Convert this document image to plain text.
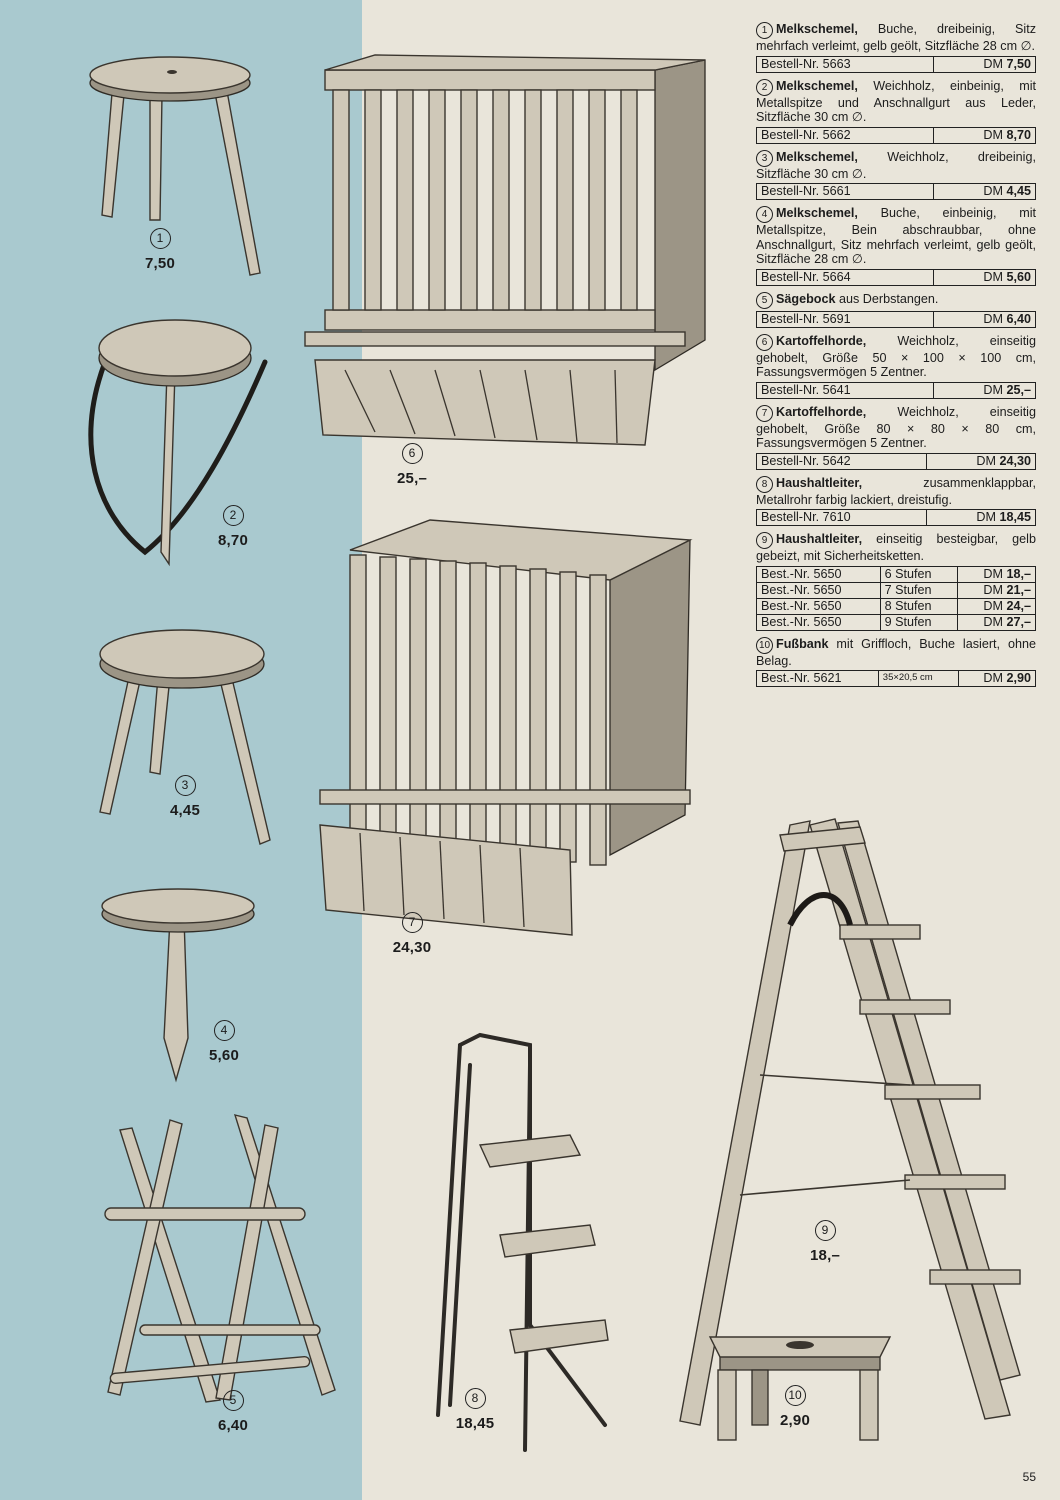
1
7,50
2
8,70
3
4,45
4
5,60
5
6,40
6
25,–
7
24,30
8
18,45
9
18,–
10
2,90
1 Melkschemel, Buche, dreibeinig, Sitz mehrfach verleimt, gelb geölt, Sitzfläche 28 cm ∅.
Bestell-Nr. 5663	DM 7,50
2 Melkschemel, Weichholz, einbeinig, mit Metallspitze und Anschnallgurt aus Leder, Sitzfläche 30 cm ∅.
Bestell-Nr. 5662	DM 8,70
3 Melkschemel, Weichholz, dreibeinig, Sitzfläche 30 cm ∅.
Bestell-Nr. 5661	DM 4,45
4 Melkschemel, Buche, einbeinig, mit Metallspitze, Bein abschraubbar, ohne Anschnallgurt, Sitz mehrfach verleimt, gelb geölt, Sitzfläche 28 cm ∅.
Bestell-Nr. 5664	DM 5,60
5 Sägebock aus Derbstangen.
Bestell-Nr. 5691	DM 6,40
6 Kartoffelhorde, Weichholz, einseitig gehobelt, Größe 50 × 100 × 100 cm, Fassungsvermögen 5 Zentner.
Bestell-Nr. 5641	DM 25,–
7 Kartoffelhorde, Weichholz, einseitig gehobelt, Größe 80 × 80 × 80 cm, Fassungsvermögen 5 Zentner.
Bestell-Nr. 5642	DM 24,30
8 Haushaltleiter, zusammenklappbar, Metallrohr farbig lackiert, dreistufig.
Bestell-Nr. 7610	DM 18,45
9 Haushaltleiter, einseitig besteigbar, gelb gebeizt, mit Sicherheitsketten.
Best.-Nr. 5650	6 Stufen	DM 18,–
Best.-Nr. 5650	7 Stufen	DM 21,–
Best.-Nr. 5650	8 Stufen	DM 24,–
Best.-Nr. 5650	9 Stufen	DM 27,–
10 Fußbank mit Griffloch, Buche lasiert, ohne Belag.
Best.-Nr. 5621	35×20,5 cm	DM 2,90
55
